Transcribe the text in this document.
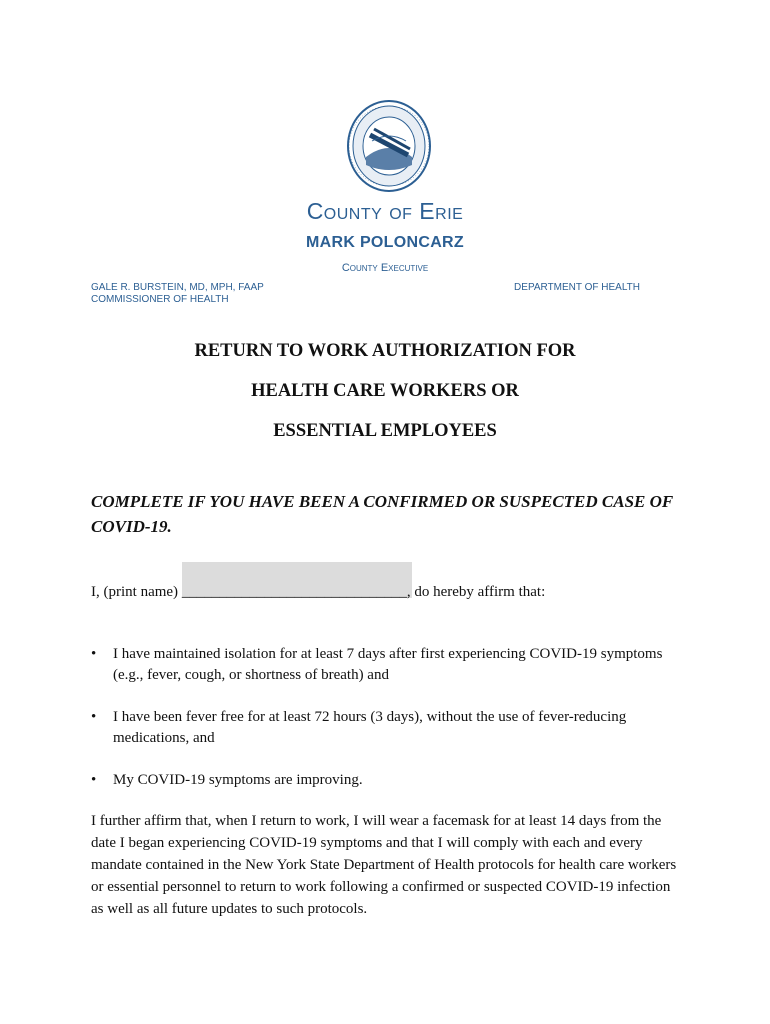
County of Erie
MARK POLONCARZ
County Executive
GALE R. BURSTEIN, MD, MPH, FAAP
COMMISSIONER OF HEALTH
DEPARTMENT OF HEALTH
RETURN TO WORK AUTHORIZATION FOR
HEALTH CARE WORKERS OR
ESSENTIAL EMPLOYEES
COMPLETE IF YOU HAVE BEEN A CONFIRMED OR SUSPECTED CASE OF COVID-19.
I, (print name) ______________________________, do hereby affirm that:
• I have maintained isolation for at least 7 days after first experiencing COVID-19 symptoms (e.g., fever, cough, or shortness of breath) and
• I have been fever free for at least 72 hours (3 days), without the use of fever-reducing medications, and
• My COVID-19 symptoms are improving.
I further affirm that, when I return to work, I will wear a facemask for at least 14 days from the date I began experiencing COVID-19 symptoms and that I will comply with each and every mandate contained in the New York State Department of Health protocols for health care workers or essential personnel to return to work following a confirmed or suspected COVID-19 infection as well as all future updates to such protocols.
